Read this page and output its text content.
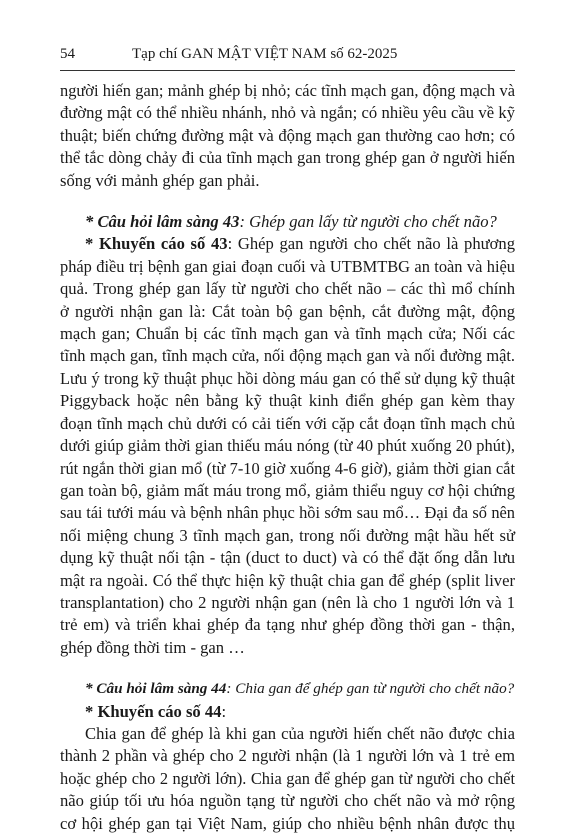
54	Tạp chí GAN MẬT VIỆT NAM số 62-2025

người hiến gan; mảnh ghép bị nhỏ; các tĩnh mạch gan, động mạch và
đường mật có thể nhiều nhánh, nhỏ và ngắn; có nhiều yêu cầu về kỹ
thuật; biến chứng đường mật và động mạch gan thường cao hơn; có
thể tắc dòng chảy đi của tĩnh mạch gan trong ghép gan ở người hiến
sống với mảnh ghép gan phải.

* Câu hỏi lâm sàng 43: Ghép gan lấy từ người cho chết não?

* Khuyến cáo số 43: Ghép gan người cho chết não là phương
pháp điều trị bệnh gan giai đoạn cuối và UTBMTBG an toàn và hiệu
quả. Trong ghép gan lấy từ người cho chết não – các thì mổ chính
ở người nhận gan là: Cắt toàn bộ gan bệnh, cắt đường mật, động
mạch gan; Chuẩn bị các tĩnh mạch gan và tĩnh mạch cửa; Nối các
tĩnh mạch gan, tĩnh mạch cửa, nối động mạch gan và nối đường mật.
Lưu ý trong kỹ thuật phục hồi dòng máu gan có thể sử dụng kỹ thuật
Piggyback hoặc nên bằng kỹ thuật kinh điển ghép gan kèm thay
đoạn tĩnh mạch chủ dưới có cải tiến với cặp cắt đoạn tĩnh mạch chủ
dưới giúp giảm thời gian thiếu máu nóng (từ 40 phút xuống 20 phút),
rút ngắn thời gian mổ (từ 7-10 giờ xuống 4-6 giờ), giảm thời gian cắt
gan toàn bộ, giảm mất máu trong mổ, giảm thiểu nguy cơ hội chứng
sau tái tưới máu và bệnh nhân phục hồi sớm sau mổ… Đại đa số nên
nối miệng chung 3 tĩnh mạch gan, trong nối đường mật hầu hết sử
dụng kỹ thuật nối tận - tận (duct to duct) và có thể đặt ống dẫn lưu
mật ra ngoài. Có thể thực hiện kỹ thuật chia gan để ghép (split liver
transplantation) cho 2 người nhận gan (nên là cho 1 người lớn và 1
trẻ em) và triển khai ghép đa tạng như ghép đồng thời gan - thận,
ghép đồng thời tim - gan …

* Câu hỏi lâm sàng 44: Chia gan để ghép gan từ người cho chết não?

* Khuyến cáo số 44:

Chia gan để ghép là khi gan của người hiến chết não được chia
thành 2 phần và ghép cho 2 người nhận (là 1 người lớn và 1 trẻ em
hoặc ghép cho 2 người lớn). Chia gan để ghép gan từ người cho chết
não giúp tối ưu hóa nguồn tạng từ người cho chết não và mở rộng
cơ hội ghép gan tại Việt Nam, giúp cho nhiều bệnh nhân được thụ
